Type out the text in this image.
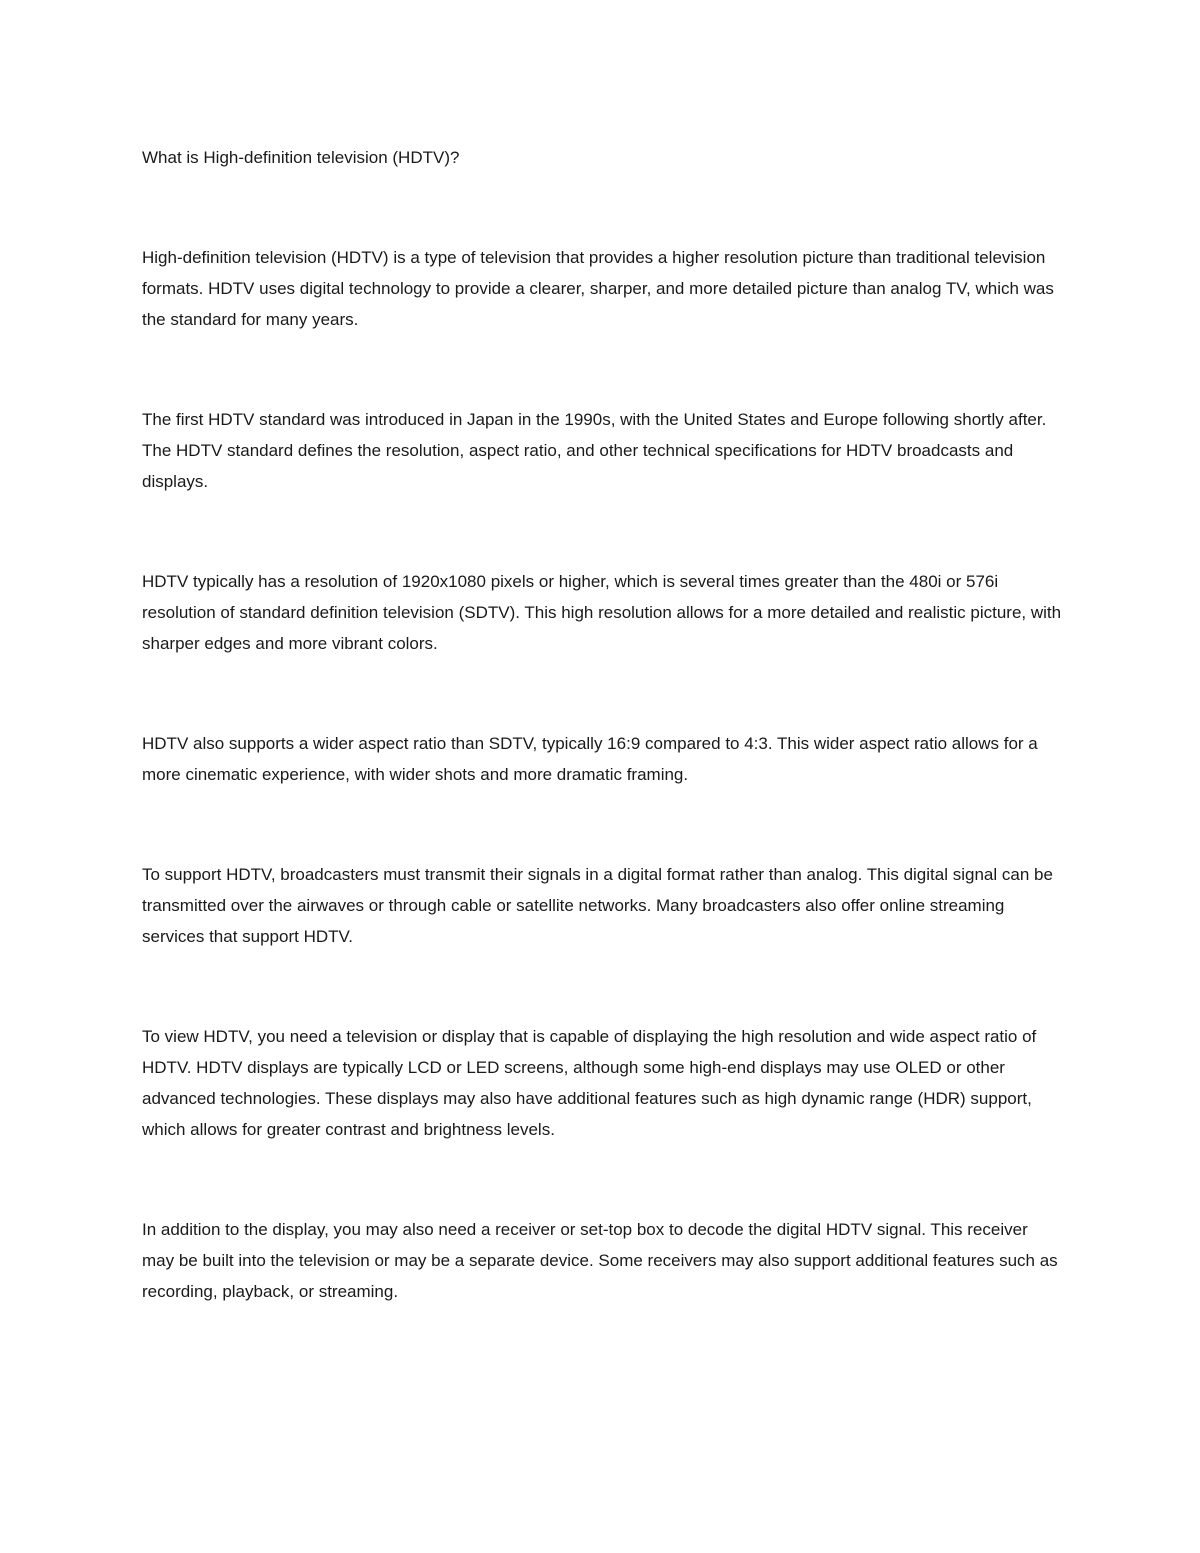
What is High-definition television (HDTV)?

High-definition television (HDTV) is a type of television that provides a higher resolution picture than traditional television formats. HDTV uses digital technology to provide a clearer, sharper, and more detailed picture than analog TV, which was the standard for many years.

The first HDTV standard was introduced in Japan in the 1990s, with the United States and Europe following shortly after. The HDTV standard defines the resolution, aspect ratio, and other technical specifications for HDTV broadcasts and displays.

HDTV typically has a resolution of 1920x1080 pixels or higher, which is several times greater than the 480i or 576i resolution of standard definition television (SDTV). This high resolution allows for a more detailed and realistic picture, with sharper edges and more vibrant colors.

HDTV also supports a wider aspect ratio than SDTV, typically 16:9 compared to 4:3. This wider aspect ratio allows for a more cinematic experience, with wider shots and more dramatic framing.

To support HDTV, broadcasters must transmit their signals in a digital format rather than analog. This digital signal can be transmitted over the airwaves or through cable or satellite networks. Many broadcasters also offer online streaming services that support HDTV.

To view HDTV, you need a television or display that is capable of displaying the high resolution and wide aspect ratio of HDTV. HDTV displays are typically LCD or LED screens, although some high-end displays may use OLED or other advanced technologies. These displays may also have additional features such as high dynamic range (HDR) support, which allows for greater contrast and brightness levels.

In addition to the display, you may also need a receiver or set-top box to decode the digital HDTV signal. This receiver may be built into the television or may be a separate device. Some receivers may also support additional features such as recording, playback, or streaming.
